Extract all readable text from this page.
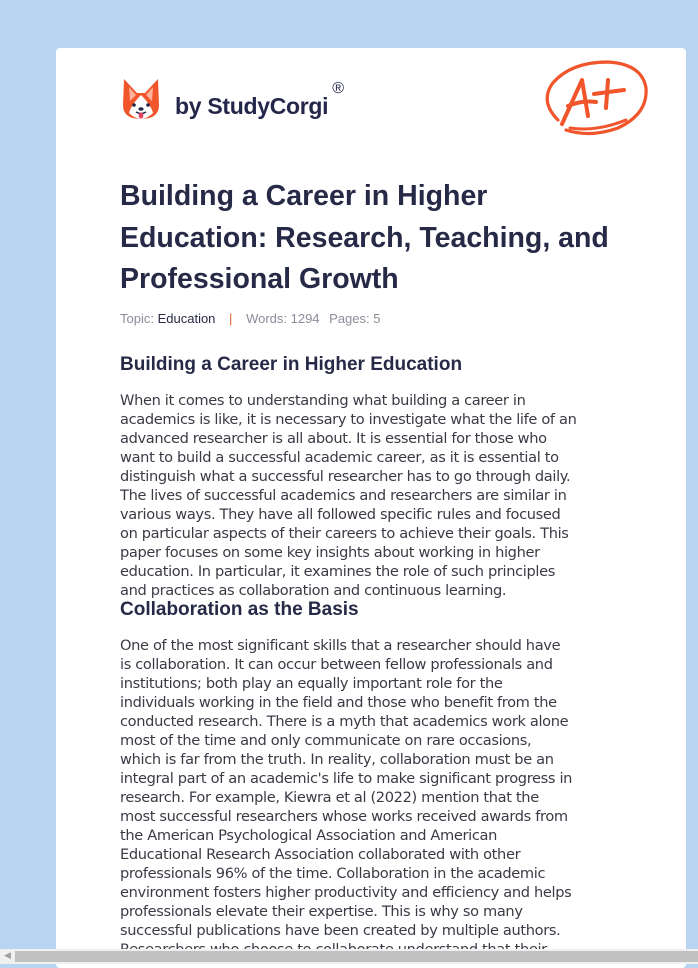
by StudyCorgi
®
Building a Career in Higher
Education: Research, Teaching, and
Professional Growth
Topic: Education | Words: 1294 Pages: 5
Building a Career in Higher Education

When it comes to understanding what building a career in
academics is like, it is necessary to investigate what the life of an
advanced researcher is all about. It is essential for those who
want to build a successful academic career, as it is essential to
distinguish what a successful researcher has to go through daily.
The lives of successful academics and researchers are similar in
various ways. They have all followed specific rules and focused
on particular aspects of their careers to achieve their goals. This
paper focuses on some key insights about working in higher
education. In particular, it examines the role of such principles
and practices as collaboration and continuous learning.

Collaboration as the Basis

One of the most significant skills that a researcher should have
is collaboration. It can occur between fellow professionals and
institutions; both play an equally important role for the
individuals working in the field and those who benefit from the
conducted research. There is a myth that academics work alone
most of the time and only communicate on rare occasions,
which is far from the truth. In reality, collaboration must be an
integral part of an academic's life to make significant progress in
research. For example, Kiewra et al (2022) mention that the
most successful researchers whose works received awards from
the American Psychological Association and American
Educational Research Association collaborated with other
professionals 96% of the time. Collaboration in the academic
environment fosters higher productivity and efficiency and helps
professionals elevate their expertise. This is why so many
successful publications have been created by multiple authors.

◀
